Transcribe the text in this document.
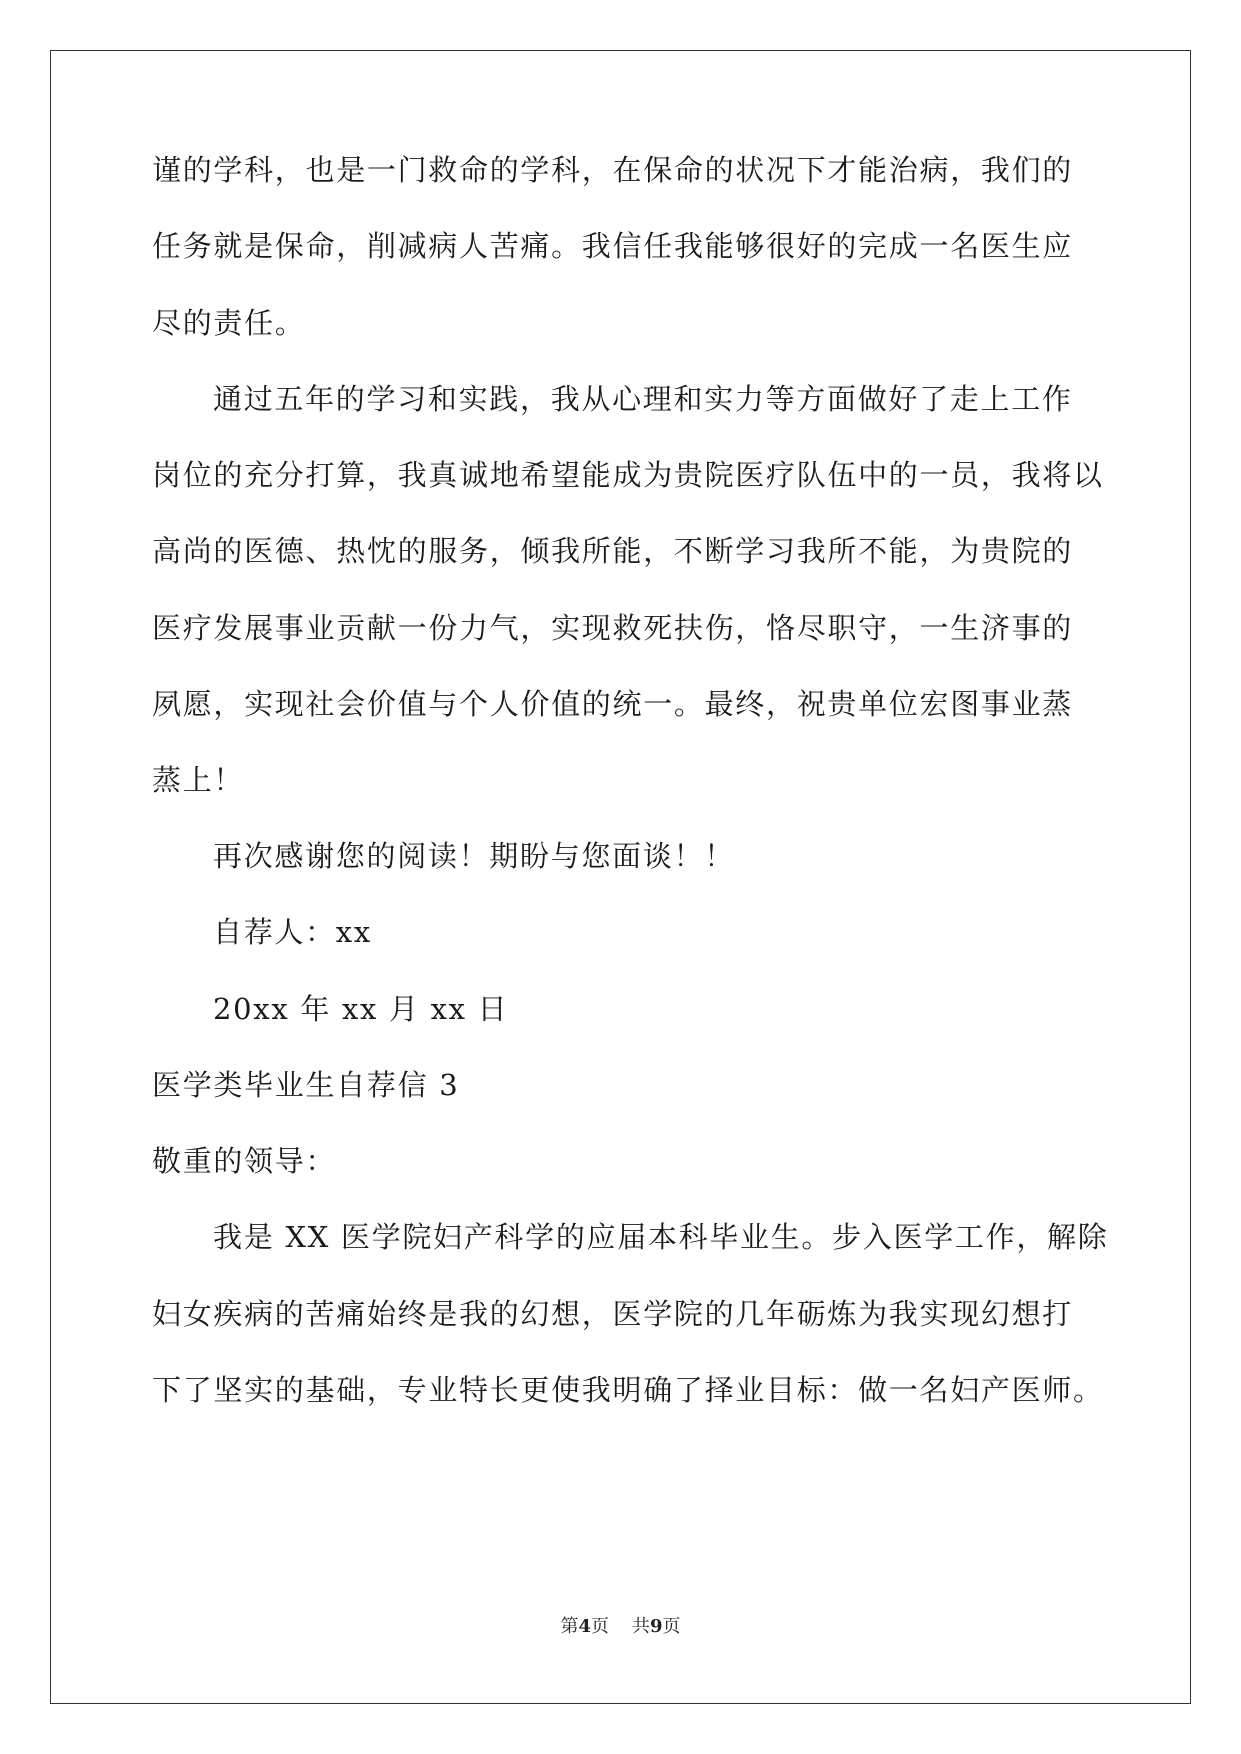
谨的学科，也是一门救命的学科，在保命的状况下才能治病，我们的
任务就是保命，削减病人苦痛。我信任我能够很好的完成一名医生应
尽的责任。
通过五年的学习和实践，我从心理和实力等方面做好了走上工作
岗位的充分打算，我真诚地希望能成为贵院医疗队伍中的一员，我将以
高尚的医德、热忱的服务，倾我所能，不断学习我所不能，为贵院的
医疗发展事业贡献一份力气，实现救死扶伤，恪尽职守，一生济事的
夙愿，实现社会价值与个人价值的统一。最终，祝贵单位宏图事业蒸
蒸上！
再次感谢您的阅读！期盼与您面谈！！
自荐人：xx
20xx 年 xx 月 xx 日
医学类毕业生自荐信 3
敬重的领导：
我是 XX 医学院妇产科学的应届本科毕业生。步入医学工作，解除
妇女疾病的苦痛始终是我的幻想，医学院的几年砺炼为我实现幻想打
下了坚实的基础，专业特长更使我明确了择业目标：做一名妇产医师。
第4页 共9页
